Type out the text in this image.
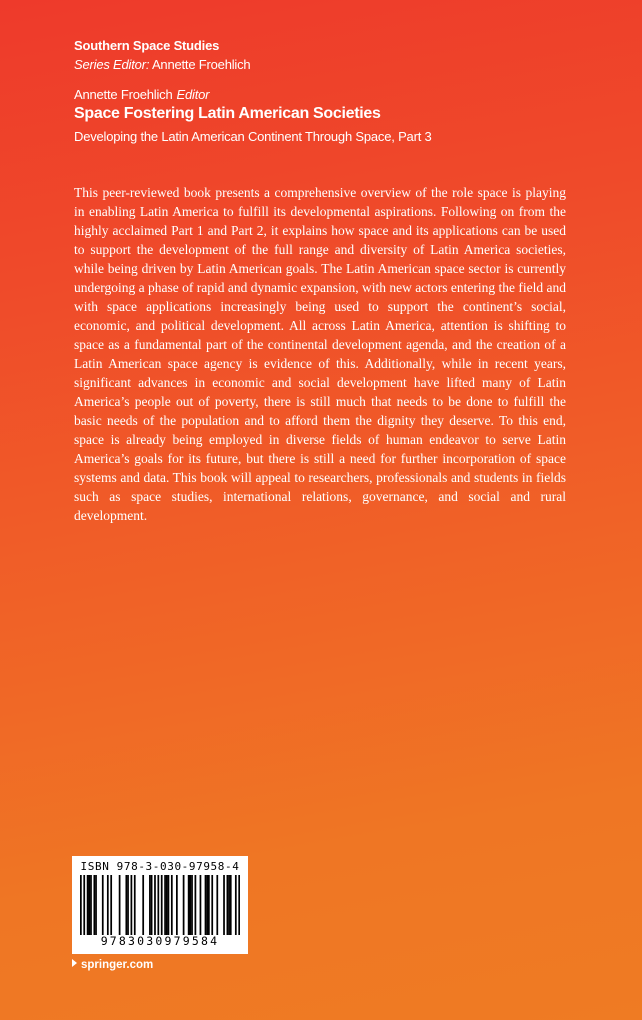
Southern Space Studies
Series Editor: Annette Froehlich
Annette Froehlich Editor
Space Fostering Latin American Societies
Developing the Latin American Continent Through Space, Part 3

This peer-reviewed book presents a comprehensive overview of the role space is playing in enabling Latin America to fulfill its developmental aspirations. Following on from the highly acclaimed Part 1 and Part 2, it explains how space and its applications can be used to support the development of the full range and diversity of Latin America societies, while being driven by Latin American goals. The Latin American space sector is currently undergoing a phase of rapid and dynamic expansion, with new actors entering the field and with space applications increasingly being used to support the continent’s social, economic, and political development. All across Latin America, attention is shifting to space as a fundamental part of the continental development agenda, and the creation of a Latin American space agency is evidence of this. Additionally, while in recent years, significant advances in economic and social development have lifted many of Latin America’s people out of poverty, there is still much that needs to be done to fulfill the basic needs of the population and to afford them the dignity they deserve. To this end, space is already being employed in diverse fields of human endeavor to serve Latin America’s goals for its future, but there is still a need for further incorporation of space systems and data. This book will appeal to researchers, professionals and students in fields such as space studies, international relations, governance, and social and rural development.

ISBN 978-3-030-97958-4
9783030979584
springer.com
